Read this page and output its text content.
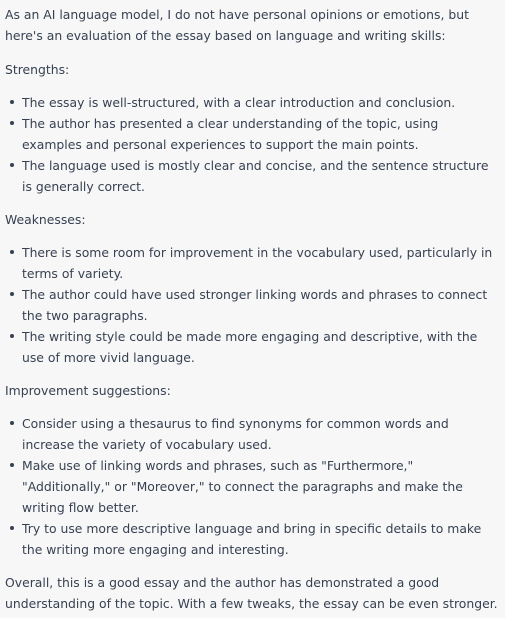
As an AI language model, I do not have personal opinions or emotions, but here's an evaluation of the essay based on language and writing skills:

Strengths:

The essay is well-structured, with a clear introduction and conclusion.
The author has presented a clear understanding of the topic, using examples and personal experiences to support the main points.
The language used is mostly clear and concise, and the sentence structure is generally correct.

Weaknesses:

There is some room for improvement in the vocabulary used, particularly in terms of variety.
The author could have used stronger linking words and phrases to connect the two paragraphs.
The writing style could be made more engaging and descriptive, with the use of more vivid language.

Improvement suggestions:

Consider using a thesaurus to find synonyms for common words and increase the variety of vocabulary used.
Make use of linking words and phrases, such as "Furthermore," "Additionally," or "Moreover," to connect the paragraphs and make the writing flow better.
Try to use more descriptive language and bring in specific details to make the writing more engaging and interesting.

Overall, this is a good essay and the author has demonstrated a good understanding of the topic. With a few tweaks, the essay can be even stronger.
